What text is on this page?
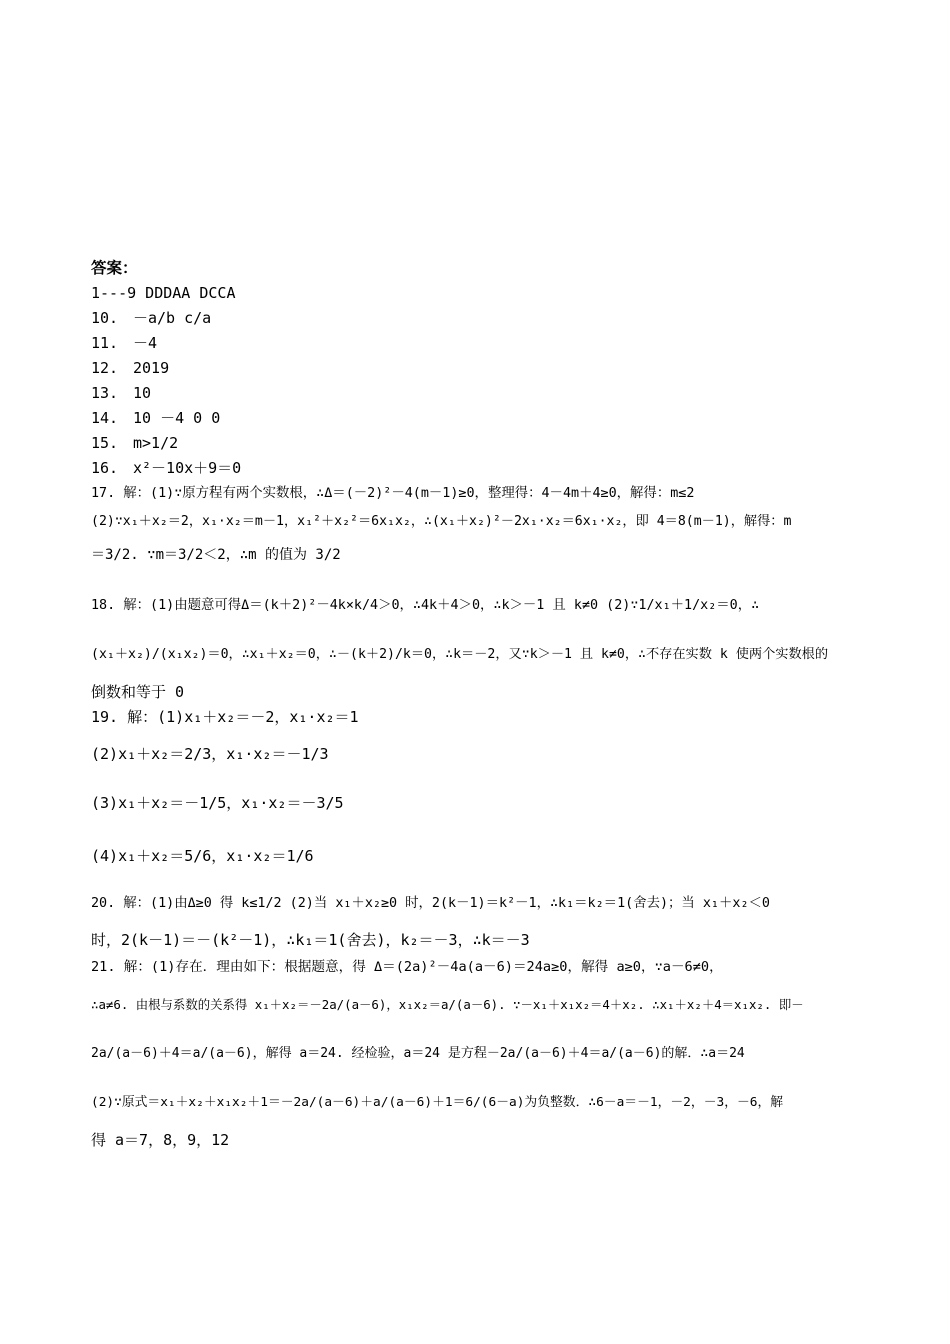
答案：
1---9 DDDAA DCCA
10. －a/b c/a
11. －4
12. 2019
13. 10
14. 10 －4 0 0
15. m>1/2
16. x²－10x＋9＝0
17. 解：(1)∵原方程有两个实数根，∴Δ＝(－2)²－4(m－1)≥0，整理得：4－4m＋4≥0，解得：m≤2
(2)∵x₁＋x₂＝2，x₁·x₂＝m－1，x₁²＋x₂²＝6x₁x₂，∴(x₁＋x₂)²－2x₁·x₂＝6x₁·x₂，即 4＝8(m－1)，解得：m
＝3/2. ∵m＝3/2＜2，∴m 的值为 3/2
18. 解：(1)由题意可得Δ＝(k＋2)²－4k×k/4＞0，∴4k＋4＞0，∴k＞－1 且 k≠0 (2)∵1/x₁＋1/x₂＝0，∴
(x₁＋x₂)/(x₁x₂)＝0，∴x₁＋x₂＝0，∴－(k＋2)/k＝0，∴k＝－2，又∵k＞－1 且 k≠0，∴不存在实数 k 使两个实数根的
倒数和等于 0
19. 解：(1)x₁＋x₂＝－2，x₁·x₂＝1
(2)x₁＋x₂＝2/3，x₁·x₂＝－1/3
(3)x₁＋x₂＝－1/5，x₁·x₂＝－3/5
(4)x₁＋x₂＝5/6，x₁·x₂＝1/6
20. 解：(1)由Δ≥0 得 k≤1/2 (2)当 x₁＋x₂≥0 时，2(k－1)＝k²－1，∴k₁＝k₂＝1(舍去)；当 x₁＋x₂＜0
时，2(k－1)＝－(k²－1)，∴k₁＝1(舍去)，k₂＝－3，∴k＝－3
21. 解：(1)存在．理由如下：根据题意，得 Δ＝(2a)²－4a(a－6)＝24a≥0，解得 a≥0，∵a－6≠0，
∴a≠6. 由根与系数的关系得 x₁＋x₂＝－2a/(a－6)，x₁x₂＝a/(a－6). ∵－x₁＋x₁x₂＝4＋x₂. ∴x₁＋x₂＋4＝x₁x₂. 即－
2a/(a－6)＋4＝a/(a－6)，解得 a＝24. 经检验，a＝24 是方程－2a/(a－6)＋4＝a/(a－6)的解．∴a＝24
(2)∵原式＝x₁＋x₂＋x₁x₂＋1＝－2a/(a－6)＋a/(a－6)＋1＝6/(6－a)为负整数．∴6－a＝－1，－2，－3，－6，解
得 a＝7，8，9，12
